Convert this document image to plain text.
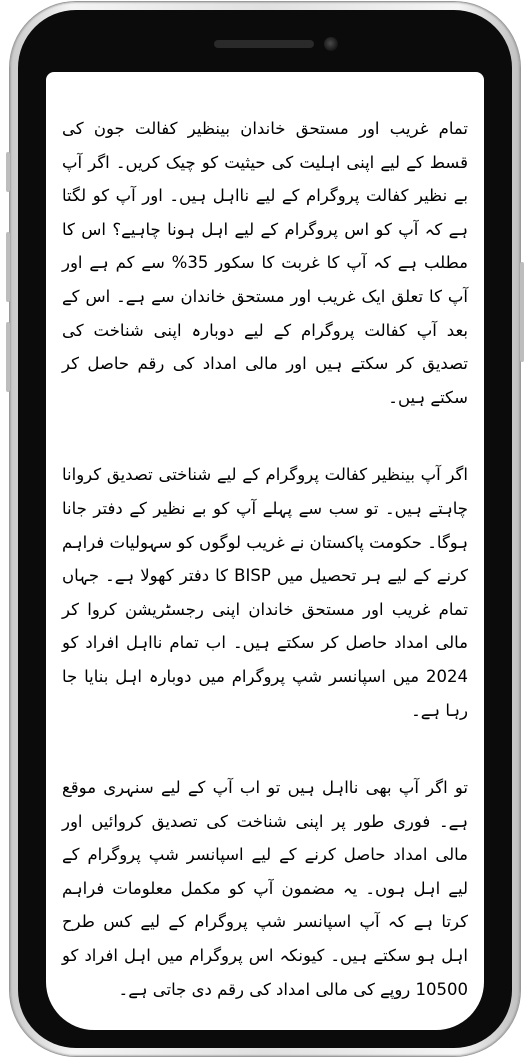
تمام غریب اور مستحق خاندان بینظیر کفالت جون کی قسط کے لیے اپنی اہلیت کی حیثیت کو چیک کریں۔ اگر آپ بے نظیر کفالت پروگرام کے لیے نااہل ہیں۔ اور آپ کو لگتا ہے کہ آپ کو اس پروگرام کے لیے اہل ہونا چاہیے؟ اس کا مطلب ہے کہ آپ کا غربت کا سکور 35% سے کم ہے اور آپ کا تعلق ایک غریب اور مستحق خاندان سے ہے۔ اس کے بعد آپ کفالت پروگرام کے لیے دوبارہ اپنی شناخت کی تصدیق کر سکتے ہیں اور مالی امداد کی رقم حاصل کر سکتے ہیں۔

اگر آپ بینظیر کفالت پروگرام کے لیے شناختی تصدیق کروانا چاہتے ہیں۔ تو سب سے پہلے آپ کو بے نظیر کے دفتر جانا ہوگا۔ حکومت پاکستان نے غریب لوگوں کو سہولیات فراہم کرنے کے لیے ہر تحصیل میں BISP کا دفتر کھولا ہے۔ جہاں تمام غریب اور مستحق خاندان اپنی رجسٹریشن کروا کر مالی امداد حاصل کر سکتے ہیں۔ اب تمام نااہل افراد کو 2024 میں اسپانسر شپ پروگرام میں دوبارہ اہل بنایا جا رہا ہے۔

تو اگر آپ بھی نااہل ہیں تو اب آپ کے لیے سنہری موقع ہے۔ فوری طور پر اپنی شناخت کی تصدیق کروائیں اور مالی امداد حاصل کرنے کے لیے اسپانسر شپ پروگرام کے لیے اہل ہوں۔ یہ مضمون آپ کو مکمل معلومات فراہم کرتا ہے کہ آپ اسپانسر شپ پروگرام کے لیے کس طرح اہل ہو سکتے ہیں۔ کیونکہ اس پروگرام میں اہل افراد کو 10500 روپے کی مالی امداد کی رقم دی جاتی ہے۔
